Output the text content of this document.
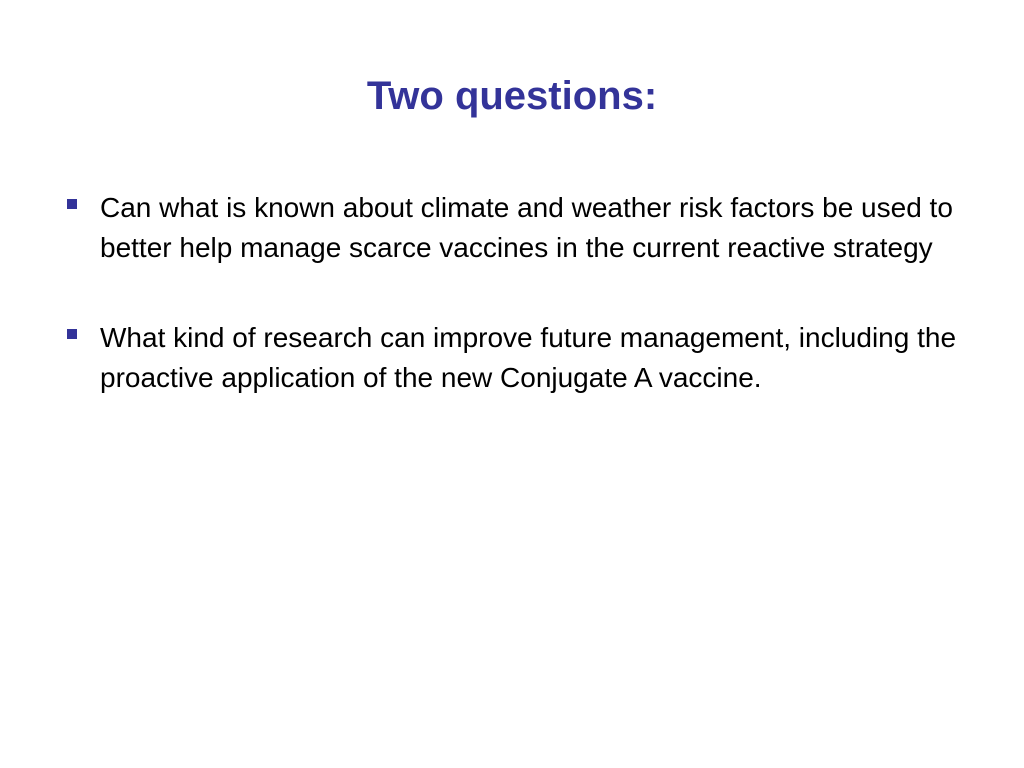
Two questions:
Can what is known about climate and weather risk factors be used to better help manage scarce vaccines in the current reactive strategy
What kind of research can improve future management, including the proactive application of the new Conjugate A vaccine.
